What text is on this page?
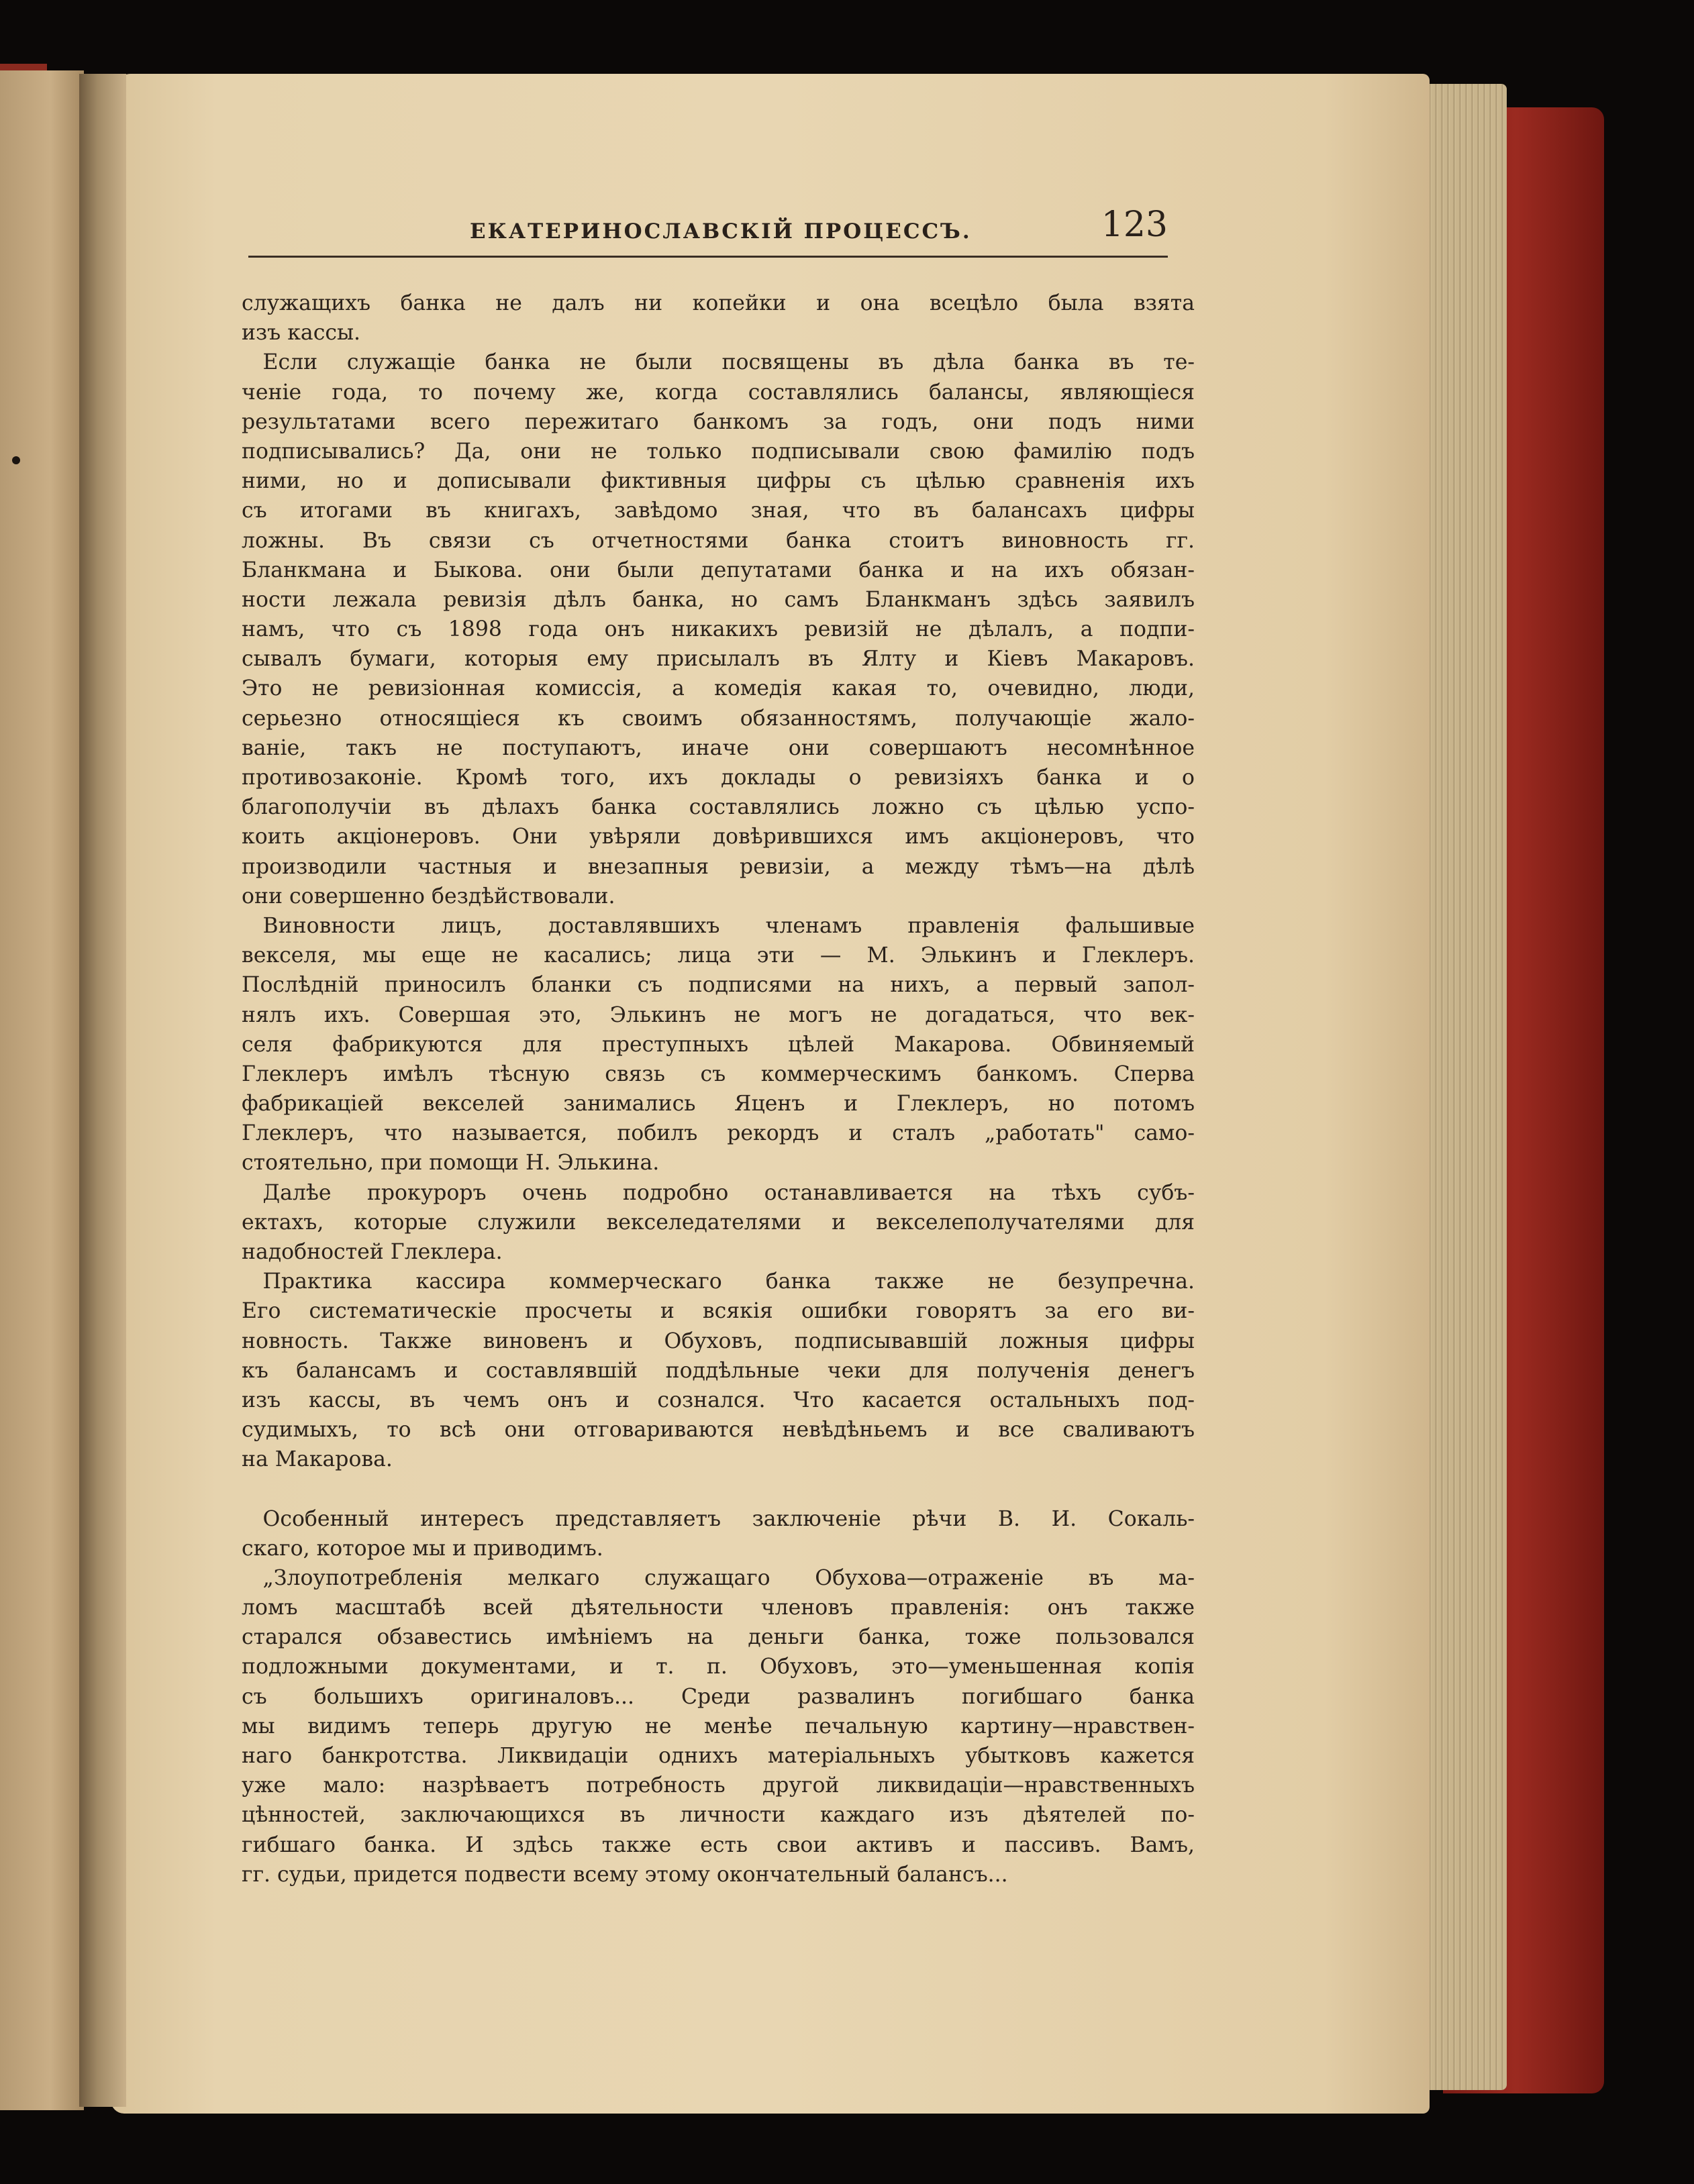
ЕКАТЕРИНОСЛАВСКІЙ ПРОЦЕССЪ.	123
служащихъ банка не далъ ни копейки и она всецѣло была взята
изъ кассы.
 Если служащіе банка не были посвящены въ дѣла банка въ те-
ченіе года, то почему же, когда составлялись балансы, являющіеся
результатами всего пережитаго банкомъ за годъ, они подъ ними
подписывались? Да, они не только подписывали свою фамилію подъ
ними, но и дописывали фиктивныя цифры съ цѣлью сравненія ихъ
съ итогами въ книгахъ, завѣдомо зная, что въ балансахъ цифры
ложны. Въ связи съ отчетностями банка стоитъ виновность гг.
Бланкмана и Быкова. они были депутатами банка и на ихъ обязан-
ности лежала ревизія дѣлъ банка, но самъ Бланкманъ здѣсь заявилъ
намъ, что съ 1898 года онъ никакихъ ревизій не дѣлалъ, а подпи-
сывалъ бумаги, которыя ему присылалъ въ Ялту и Кіевъ Макаровъ.
Это не ревизіонная комиссія, а комедія какая то, очевидно, люди,
серьезно относящіеся къ своимъ обязанностямъ, получающіе жало-
ваніе, такъ не поступаютъ, иначе они совершаютъ несомнѣнное
противозаконіе. Кромѣ того, ихъ доклады о ревизіяхъ банка и о
благополучіи въ дѣлахъ банка составлялись ложно съ цѣлью успо-
коить акціонеровъ. Они увѣряли довѣрившихся имъ акціонеровъ, что
производили частныя и внезапныя ревизіи, а между тѣмъ—на дѣлѣ
они совершенно бездѣйствовали.
 Виновности лицъ, доставлявшихъ членамъ правленія фальшивые
векселя, мы еще не касались; лица эти — М. Элькинъ и Глеклеръ.
Послѣдній приносилъ бланки съ подписями на нихъ, а первый запол-
нялъ ихъ. Совершая это, Элькинъ не могъ не догадаться, что век-
селя фабрикуются для преступныхъ цѣлей Макарова. Обвиняемый
Глеклеръ имѣлъ тѣсную связь съ коммерческимъ банкомъ. Сперва
фабрикаціей векселей занимались Яценъ и Глеклеръ, но потомъ
Глеклеръ, что называется, побилъ рекордъ и сталъ „работать" само-
стоятельно, при помощи Н. Элькина.
 Далѣе прокуроръ очень подробно останавливается на тѣхъ субъ-
ектахъ, которые служили векселедателями и векселеполучателями для
надобностей Глеклера.
 Практика кассира коммерческаго банка также не безупречна.
Его систематическіе просчеты и всякія ошибки говорятъ за его ви-
новность. Также виновенъ и Обуховъ, подписывавшій ложныя цифры
къ балансамъ и составлявшій поддѣльные чеки для полученія денегъ
изъ кассы, въ чемъ онъ и сознался. Что касается остальныхъ под-
судимыхъ, то всѣ они отговариваются невѣдѣньемъ и все сваливаютъ
на Макарова.
 Особенный интересъ представляетъ заключеніе рѣчи В. И. Сокаль-
скаго, которое мы и приводимъ.
 „Злоупотребленія мелкаго служащаго Обухова—отраженіе въ ма-
ломъ масштабѣ всей дѣятельности членовъ правленія: онъ также
старался обзавестись имѣніемъ на деньги банка, тоже пользовался
подложными документами, и т. п. Обуховъ, это—уменьшенная копія
съ большихъ оригиналовъ... Среди развалинъ погибшаго банка
мы видимъ теперь другую не менѣе печальную картину—нравствен-
наго банкротства. Ликвидаціи однихъ матеріальныхъ убытковъ кажется
уже мало: назрѣваетъ потребность другой ликвидаціи—нравственныхъ
цѣнностей, заключающихся въ личности каждаго изъ дѣятелей по-
гибшаго банка. И здѣсь также есть свои активъ и пассивъ. Вамъ,
гг. судьи, придется подвести всему этому окончательный балансъ...
